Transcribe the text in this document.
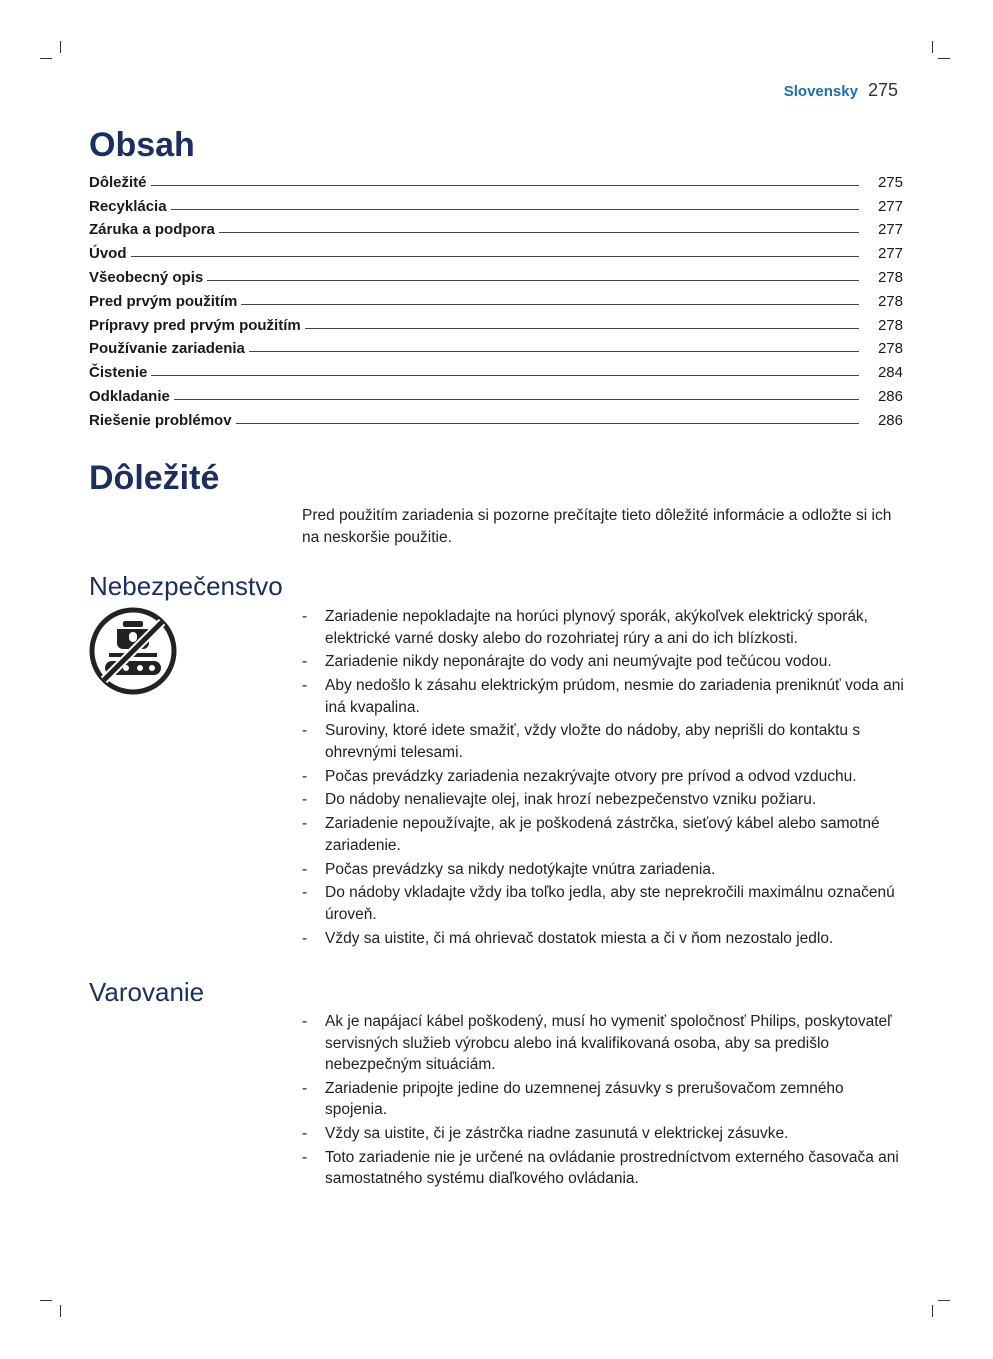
Slovensky 275
Obsah
Dôležité	275
Recyklácia	277
Záruka a podpora	277
Úvod	277
Všeobecný opis	278
Pred prvým použitím	278
Prípravy pred prvým použitím	278
Používanie zariadenia	278
Čistenie	284
Odkladanie	286
Riešenie problémov	286
Dôležité
Pred použitím zariadenia si pozorne prečítajte tieto dôležité informácie a odložte si ich na neskoršie použitie.
Nebezpečenstvo
-	Zariadenie nepokladajte na horúci plynový sporák, akýkoľvek elektrický sporák, elektrické varné dosky alebo do rozohriatej rúry a ani do ich blízkosti.
-	Zariadenie nikdy neponárajte do vody ani neumývajte pod tečúcou vodou.
-	Aby nedošlo k zásahu elektrickým prúdom, nesmie do zariadenia preniknúť voda ani iná kvapalina.
-	Suroviny, ktoré idete smažiť, vždy vložte do nádoby, aby neprišli do kontaktu s ohrevnými telesami.
-	Počas prevádzky zariadenia nezakrývajte otvory pre prívod a odvod vzduchu.
-	Do nádoby nenalievajte olej, inak hrozí nebezpečenstvo vzniku požiaru.
-	Zariadenie nepoužívajte, ak je poškodená zástrčka, sieťový kábel alebo samotné zariadenie.
-	Počas prevádzky sa nikdy nedotýkajte vnútra zariadenia.
-	Do nádoby vkladajte vždy iba toľko jedla, aby ste neprekročili maximálnu označenú úroveň.
-	Vždy sa uistite, či má ohrievač dostatok miesta a či v ňom nezostalo jedlo.
Varovanie
-	Ak je napájací kábel poškodený, musí ho vymeniť spoločnosť Philips, poskytovateľ servisných služieb výrobcu alebo iná kvalifikovaná osoba, aby sa predišlo nebezpečným situáciám.
-	Zariadenie pripojte jedine do uzemnenej zásuvky s prerušovačom zemného spojenia.
-	Vždy sa uistite, či je zástrčka riadne zasunutá v elektrickej zásuvke.
-	Toto zariadenie nie je určené na ovládanie prostredníctvom externého časovača ani samostatného systému diaľkového ovládania.
